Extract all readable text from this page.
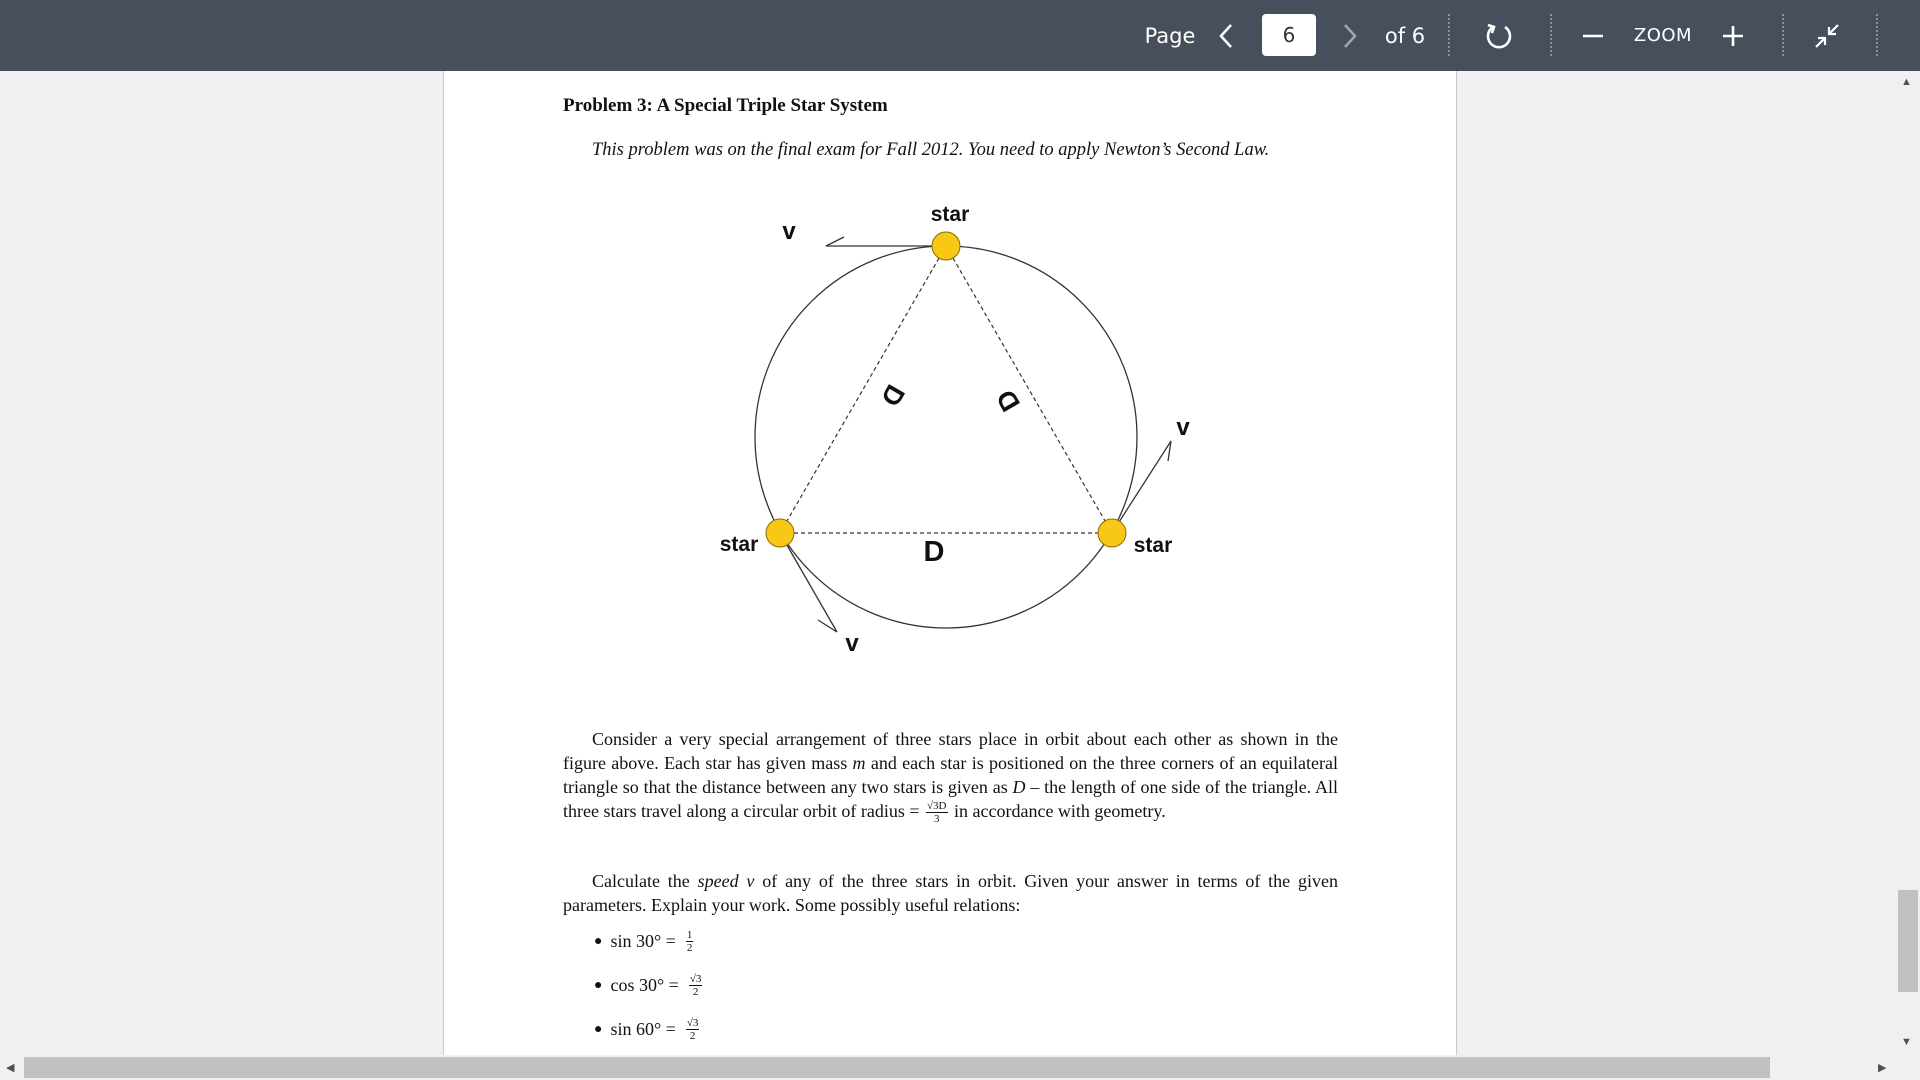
Page
6	of 6	ZOOM
Problem 3: A Special Triple Star System
This problem was on the final exam for Fall 2012. You need to apply Newton’s Second Law.
star
star	star
v
v
v
D	D
D
Consider a very special arrangement of three stars place in orbit about each other as shown in the figure above. Each star has given mass m and each star is positioned on the three corners of an equilateral triangle so that the distance between any two stars is given as D – the length of one side of the triangle. All three stars travel along a circular orbit of radius = $\frac{√3D}{3}$ in accordance with geometry.
Calculate the speed v of any of the three stars in orbit. Given your answer in terms of the given parameters. Explain your work. Some possibly useful relations:
● $\sin 30^\circ = \frac{1}{2}$
● $\cos 30^\circ = \frac{√3}{2}$
● $\sin 60^\circ = \frac{√3}{2}$
▲
▼
◀	▶
